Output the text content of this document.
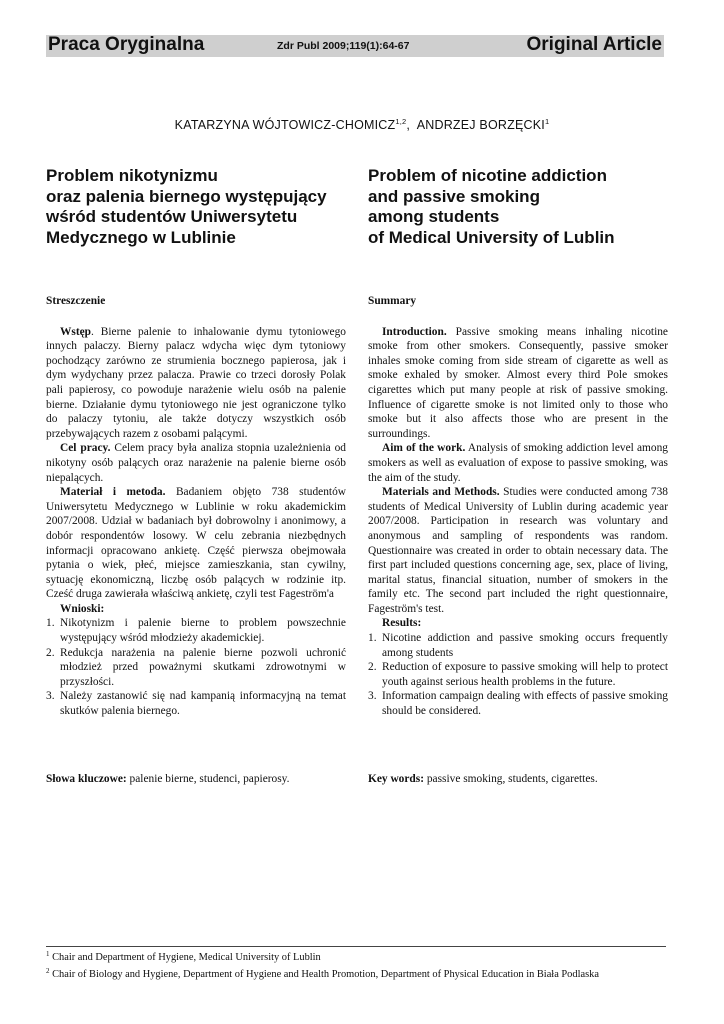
Praca Oryginalna	Zdr Publ 2009;119(1):64-67	Original Article
KATARZYNA WÓJTOWICZ-CHOMICZ$^{1,2}$,  ANDRZEJ BORZĘCKI$^1$
Problem nikotynizmu
oraz palenia biernego występujący
wśród studentów Uniwersytetu
Medycznego w Lublinie
Problem of nicotine addiction
and passive smoking
among students
of Medical University of Lublin
Streszczenie

Wstęp. Bierne palenie to inhalowanie dymu tytoniowego innych palaczy. Bierny palacz wdycha więc dym tytoniowy pochodzący zarówno ze strumienia bocznego papierosa, jak i dym wydychany przez palacza. Prawie co trzeci dorosły Polak pali papierosy, co powoduje narażenie wielu osób na palenie bierne. Działanie dymu tytoniowego nie jest ograniczone tylko do palaczy tytoniu, ale także dotyczy wszystkich osób przebywających razem z osobami palącymi.

Cel pracy. Celem pracy była analiza stopnia uzależnienia od nikotyny osób palących oraz narażenie na palenie bierne osób niepalących.

Materiał i metoda. Badaniem objęto 738 studentów Uniwersytetu Medycznego w Lublinie w roku akademickim 2007/2008. Udział w badaniach był dobrowolny i anonimowy, a dobór respondentów losowy. W celu zebrania niezbędnych informacji opracowano ankietę. Część pierwsza obejmowała pytania o wiek, płeć, miejsce zamieszkania, stan cywilny, sytuację ekonomiczną, liczbę osób palących w rodzinie itp. Cześć druga zawierała właściwą ankietę, czyli test Fageström'a

Wnioski:
1. Nikotynizm i palenie bierne to problem powszechnie występujący wśród młodzieży akademickiej.
2. Redukcja narażenia na palenie bierne pozwoli uchronić młodzież przed poważnymi skutkami zdrowotnymi w przyszłości.
3. Należy zastanowić się nad kampanią informacyjną na temat skutków palenia biernego.
Summary

Introduction. Passive smoking means inhaling nicotine smoke from other smokers. Consequently, passive smoker inhales smoke coming from side stream of cigarette as well as smoke exhaled by smoker. Almost every third Pole smokes cigarettes which put many people at risk of passive smoking. Influence of cigarette smoke is not limited only to those who smoke but it also affects those who are present in the surroundings.

Aim of the work. Analysis of smoking addiction level among smokers as well as evaluation of expose to passive smoking, was the aim of the study.

Materials and Methods. Studies were conducted among 738 students of Medical University of Lublin during academic year 2007/2008. Participation in research was voluntary and anonymous and sampling of respondents was random. Questionnaire was created in order to obtain necessary data. The first part included questions concerning age, sex, place of living, marital status, financial situation, number of smokers in the family etc. The second part included the right questionnaire, Fageström's test.

Results:
1. Nicotine addiction and passive smoking occurs frequently among students
2. Reduction of exposure to passive smoking will help to protect youth against serious health problems in the future.
3. Information campaign dealing with effects of passive smoking should be considered.
Słowa kluczowe: palenie bierne, studenci, papierosy.	Key words: passive smoking, students, cigarettes.
$^1$ Chair and Department of Hygiene, Medical University of Lublin
$^2$ Chair of Biology and Hygiene, Department of Hygiene and Health Promotion, Department of Physical Education in Biała Podlaska
